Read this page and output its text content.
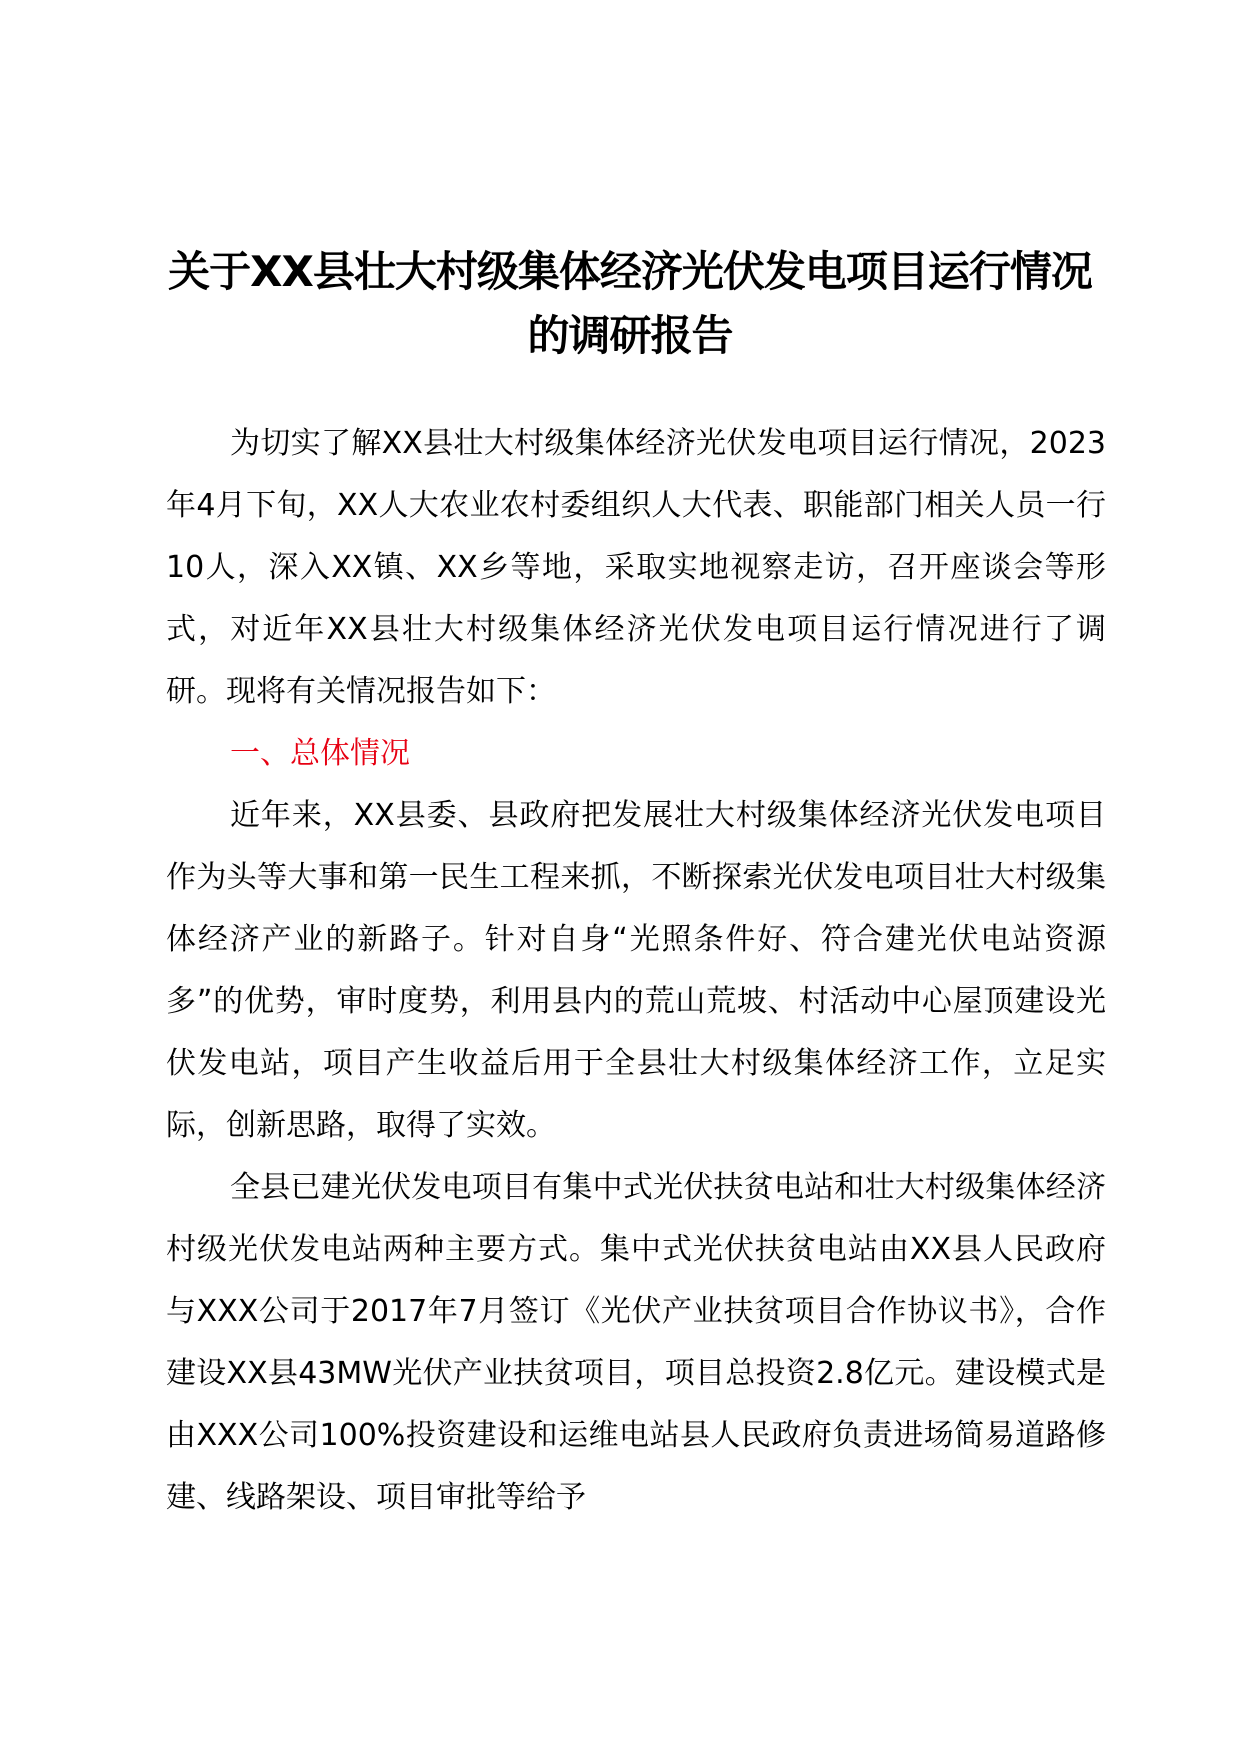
关于XX县壮大村级集体经济光伏发电项目运行情况的调研报告

为切实了解XX县壮大村级集体经济光伏发电项目运行情况，2023年4月下旬，XX人大农业农村委组织人大代表、职能部门相关人员一行10人，深入XX镇、XX乡等地，采取实地视察走访，召开座谈会等形式，对近年XX县壮大村级集体经济光伏发电项目运行情况进行了调研。现将有关情况报告如下：

一、总体情况

近年来，XX县委、县政府把发展壮大村级集体经济光伏发电项目作为头等大事和第一民生工程来抓，不断探索光伏发电项目壮大村级集体经济产业的新路子。针对自身“光照条件好、符合建光伏电站资源多”的优势，审时度势，利用县内的荒山荒坡、村活动中心屋顶建设光伏发电站，项目产生收益后用于全县壮大村级集体经济工作，立足实际，创新思路，取得了实效。

全县已建光伏发电项目有集中式光伏扶贫电站和壮大村级集体经济村级光伏发电站两种主要方式。集中式光伏扶贫电站由XX县人民政府与XXX公司于2017年7月签订《光伏产业扶贫项目合作协议书》，合作建设XX县43MW光伏产业扶贫项目，项目总投资2.8亿元。建设模式是由XXX公司100%投资建设和运维电站县人民政府负责进场简易道路修建、线路架设、项目审批等给予
